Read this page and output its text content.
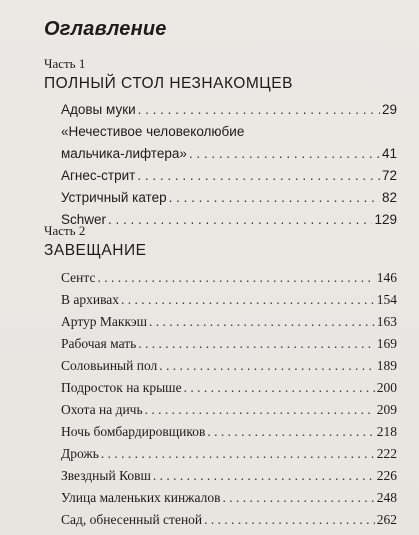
Оглавление
Часть 1
ПОЛНЫЙ СТОЛ НЕЗНАКОМЦЕВ
Адовы муки . . .	29
«Нечестивое человеколюбие
мальчика-лифтера» . . .	41
Агнес-стрит . . .	72
Устричный катер . . .	82
Schwer . . .	129
Часть 2
ЗАВЕЩАНИЕ
Сентс . . .	146
В архивах . . .	154
Артур Маккэш . . .	163
Рабочая мать . . .	169
Соловьиный пол . . .	189
Подросток на крыше . . .	200
Охота на дичь . . .	209
Ночь бомбардировщиков . . .	218
Дрожь . . .	222
Звездный Ковш . . .	226
Улица маленьких кинжалов . . .	248
Сад, обнесенный стеной . . .	262
